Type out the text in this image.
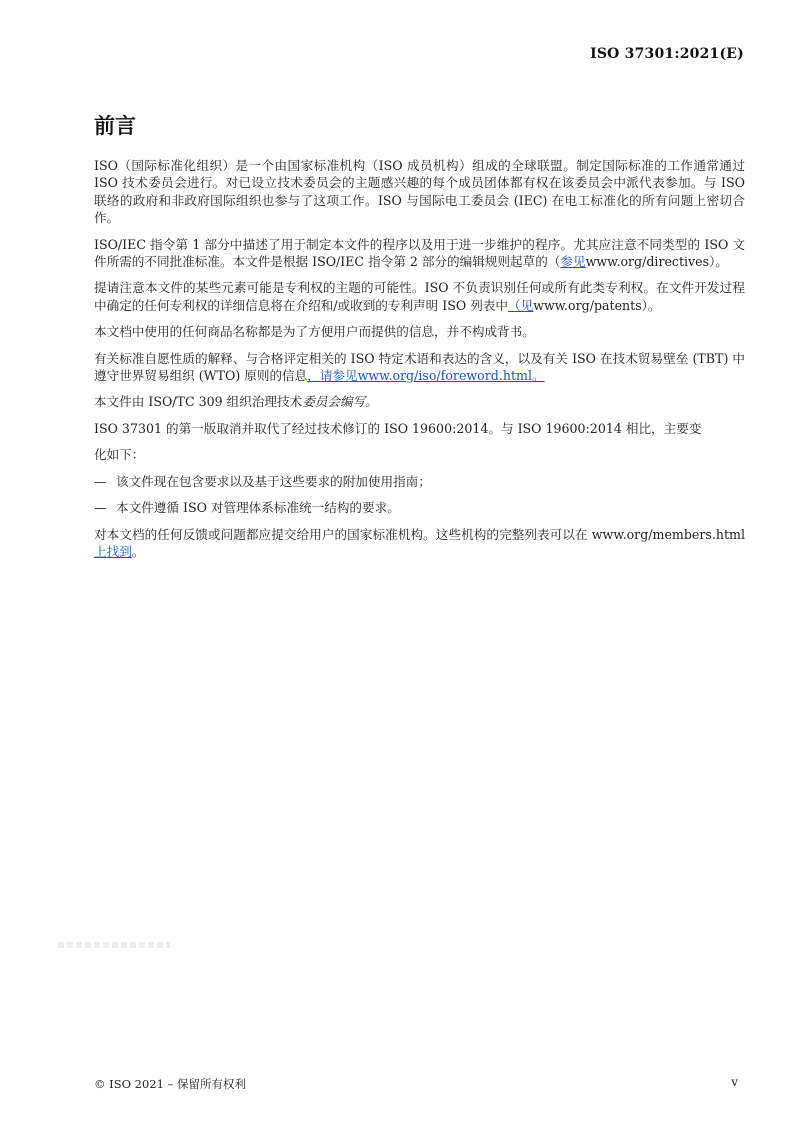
ISO 37301:2021(E)
前言

ISO（国际标准化组织）是一个由国家标准机构（ISO 成员机构）组成的全球联盟。制定国际标准的工作通常通过 ISO 技术委员会进行。对已设立技术委员会的主题感兴趣的每个成员团体都有权在该委员会中派代表参加。与 ISO 联络的政府和非政府国际组织也参与了这项工作。ISO 与国际电工委员会 (IEC) 在电工标准化的所有问题上密切合作。

ISO/IEC 指令第 1 部分中描述了用于制定本文件的程序以及用于进一步维护的程序。尤其应注意不同类型的 ISO 文件所需的不同批准标准。本文件是根据 ISO/IEC 指令第 2 部分的编辑规则起草的（参见www.org/directives）。

提请注意本文件的某些元素可能是专利权的主题的可能性。ISO 不负责识别任何或所有此类专利权。在文件开发过程中确定的任何专利权的详细信息将在介绍和/或收到的专利声明 ISO 列表中（见www.org/patents）。

本文档中使用的任何商品名称都是为了方便用户而提供的信息，并不构成背书。

有关标准自愿性质的解释、与合格评定相关的 ISO 特定术语和表达的含义，以及有关 ISO 在技术贸易壁垒 (TBT) 中遵守世界贸易组织 (WTO) 原则的信息，请参见www.org/iso/foreword.html。

本文件由 ISO/TC 309 组织治理技术委员会编写。

ISO 37301 的第一版取消并取代了经过技术修订的 ISO 19600:2014。与 ISO 19600:2014 相比，主要变

化如下：

— 该文件现在包含要求以及基于这些要求的附加使用指南；
— 本文件遵循 ISO 对管理体系标准统一结构的要求。

对本文档的任何反馈或问题都应提交给用户的国家标准机构。这些机构的完整列表可以在 www.org/members.html 上找到。

© ISO 2021 – 保留所有权利	v
